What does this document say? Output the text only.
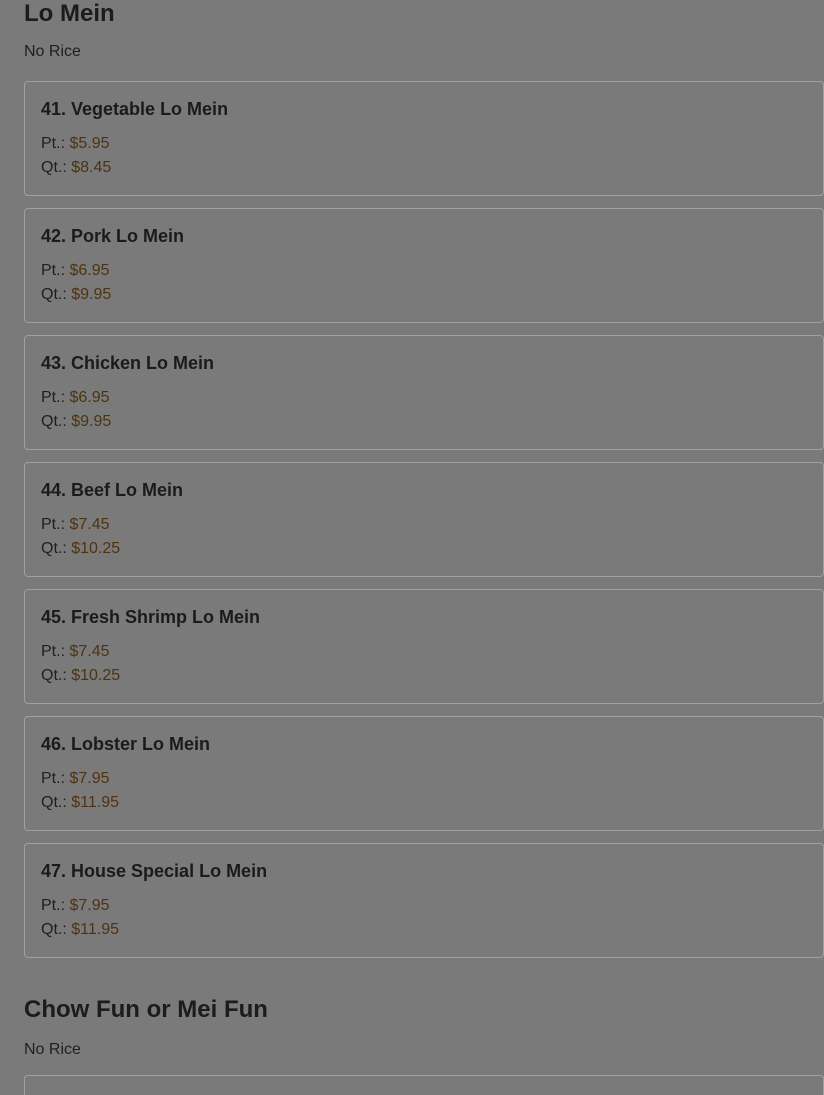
Lo Mein

No Rice

41. Vegetable Lo Mein

Pt.: $5.95

Qt.: $8.45

42. Pork Lo Mein

Pt.: $6.95

Qt.: $9.95

43. Chicken Lo Mein

Pt.: $6.95

Qt.: $9.95

44. Beef Lo Mein

Pt.: $7.45

Qt.: $10.25

45. Fresh Shrimp Lo Mein

Pt.: $7.45

Qt.: $10.25

46. Lobster Lo Mein

Pt.: $7.95

Qt.: $11.95

47. House Special Lo Mein

Pt.: $7.95

Qt.: $11.95

Chow Fun or Mei Fun

No Rice
